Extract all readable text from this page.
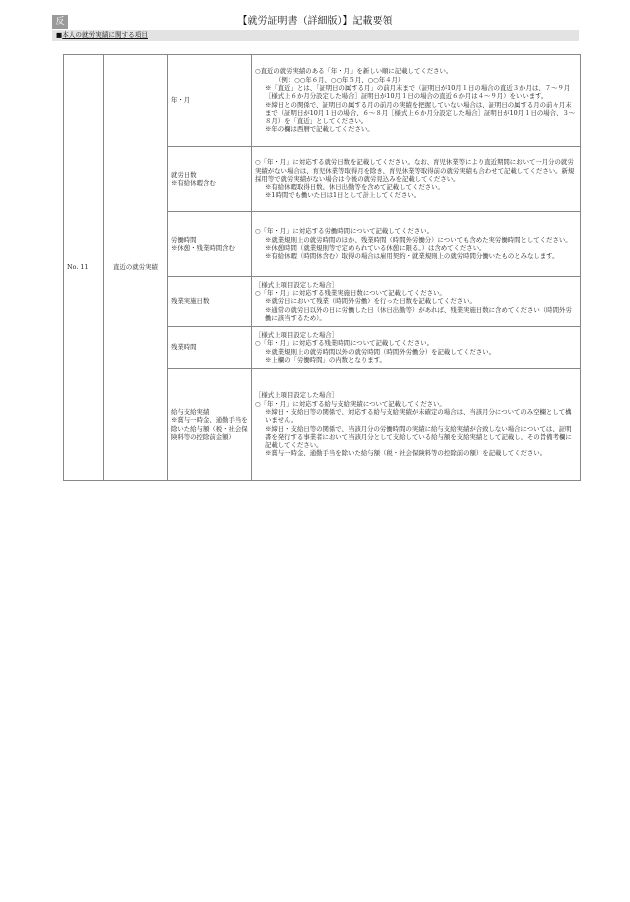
反	【就労証明書（詳細版）】記載要領
■本人の就労実績に関する項目
No. 11	直近の就労実績	年・月	○直近の就労実績のある「年・月」を新しい順に記載してください。
（例：○○年６月、○○年５月、○○年４月）
※「直近」とは、「証明日の属する月」の前月末まで（証明日が10月１日の場合の直近３か月は、７～９月［様式上６か月分設定した場合］証明日が10月１日の場合の直近６か月は４～９月）をいいます。
※締日との関係で、証明日の属する月の前月の実績を把握していない場合は、証明日の属する月の前々月末まで（証明日が10月１日の場合、６～８月［様式上６か月分設定した場合］証明日が10月１日の場合、３～８月）を「直近」としてください。
※年の欄は西暦で記載してください。

		就労日数
※有給休暇含む	○「年・月」に対応する就労日数を記載してください。なお、育児休業等により直近期間において一月分の就労実績がない場合は、育児休業等取得月を除き、育児休業等取得前の就労実績も合わせて記載してください。新規採用等で就労実績がない場合は今後の就労見込みを記載してください。
※有給休暇取得日数、休日出勤等を含めて記載してください。
※1時間でも働いた日は1日として計上してください。

		労働時間
※休憩・残業時間含む	○「年・月」に対応する労働時間について記載してください。
※就業規則上の就労時間のほか、残業時間（時間外労働分）についても含めた実労働時間としてください。
※休憩時間（就業規則等で定められている休憩に限る。）は含めてください。
※有給休暇（時間休含む）取得の場合は雇用契約・就業規則上の就労時間分働いたものとみなします。

		残業実施日数	［様式上項目設定した場合］
○「年・月」に対応する残業実施日数について記載してください。
※就労日において残業（時間外労働）を行った日数を記載してください。
※通常の就労日以外の日に労働した日（休日出勤等）があれば、残業実施日数に含めてください（時間外労働に該当するため）。

		残業時間	［様式上項目設定した場合］
○「年・月」に対応する残業時間について記載してください。
※就業規則上の就労時間以外の就労時間（時間外労働分）を記載してください。
※上欄の「労働時間」の内数となります。

		給与支給実績
※賞与一時金、通勤手当を除いた給与額（税・社会保険料等の控除前金額）	［様式上項目設定した場合］
○「年・月」に対応する給与支給実績について記載してください。
※締日・支給日等の関係で、対応する給与支給実績が未確定の場合は、当該月分についてのみ空欄として構いません。
※締日・支給日等の関係で、当該月分の労働時間の実績に給与支給実績が合致しない場合については、証明書を発行する事業者において当該月分として支給している給与額を支給実績として記載し、その旨備考欄に記載してください。
※賞与一時金、通勤手当を除いた給与額（税・社会保険料等の控除前の額）を記載してください。
